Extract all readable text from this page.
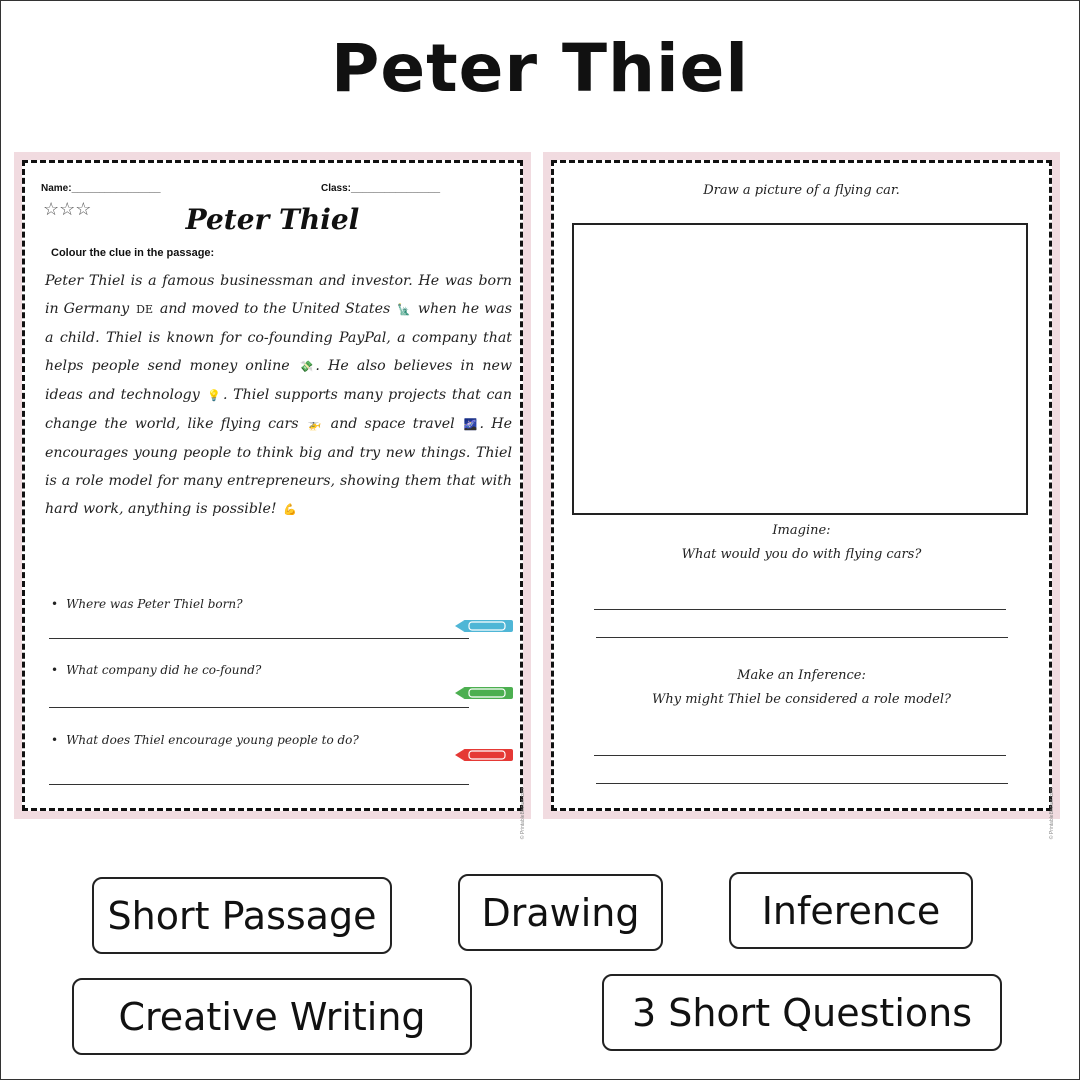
Peter Thiel
Name:________________	Class:________________
☆☆☆	Peter Thiel
Colour the clue in the passage:
Peter Thiel is a famous businessman and investor. He was born in Germany DE and moved to the United States 🗽 when he was a child. Thiel is known for co-founding PayPal, a company that helps people send money online 💸 . He also believes in new ideas and technology 💡 . Thiel supports many projects that can change the world, like flying cars 🚁 and space travel 🌌 . He encourages young people to think big and try new things. Thiel is a role model for many entrepreneurs, showing them that with hard work, anything is possible! 💪
• Where was Peter Thiel born?
• What company did he co-found?
• What does Thiel encourage young people to do?
© PrintableBazaar.com
Draw a picture of a flying car.
Imagine:
What would you do with flying cars?
Make an Inference:
Why might Thiel be considered a role model?
© PrintableBazaar.com
Short Passage	Drawing	Inference
Creative Writing	3 Short Questions
